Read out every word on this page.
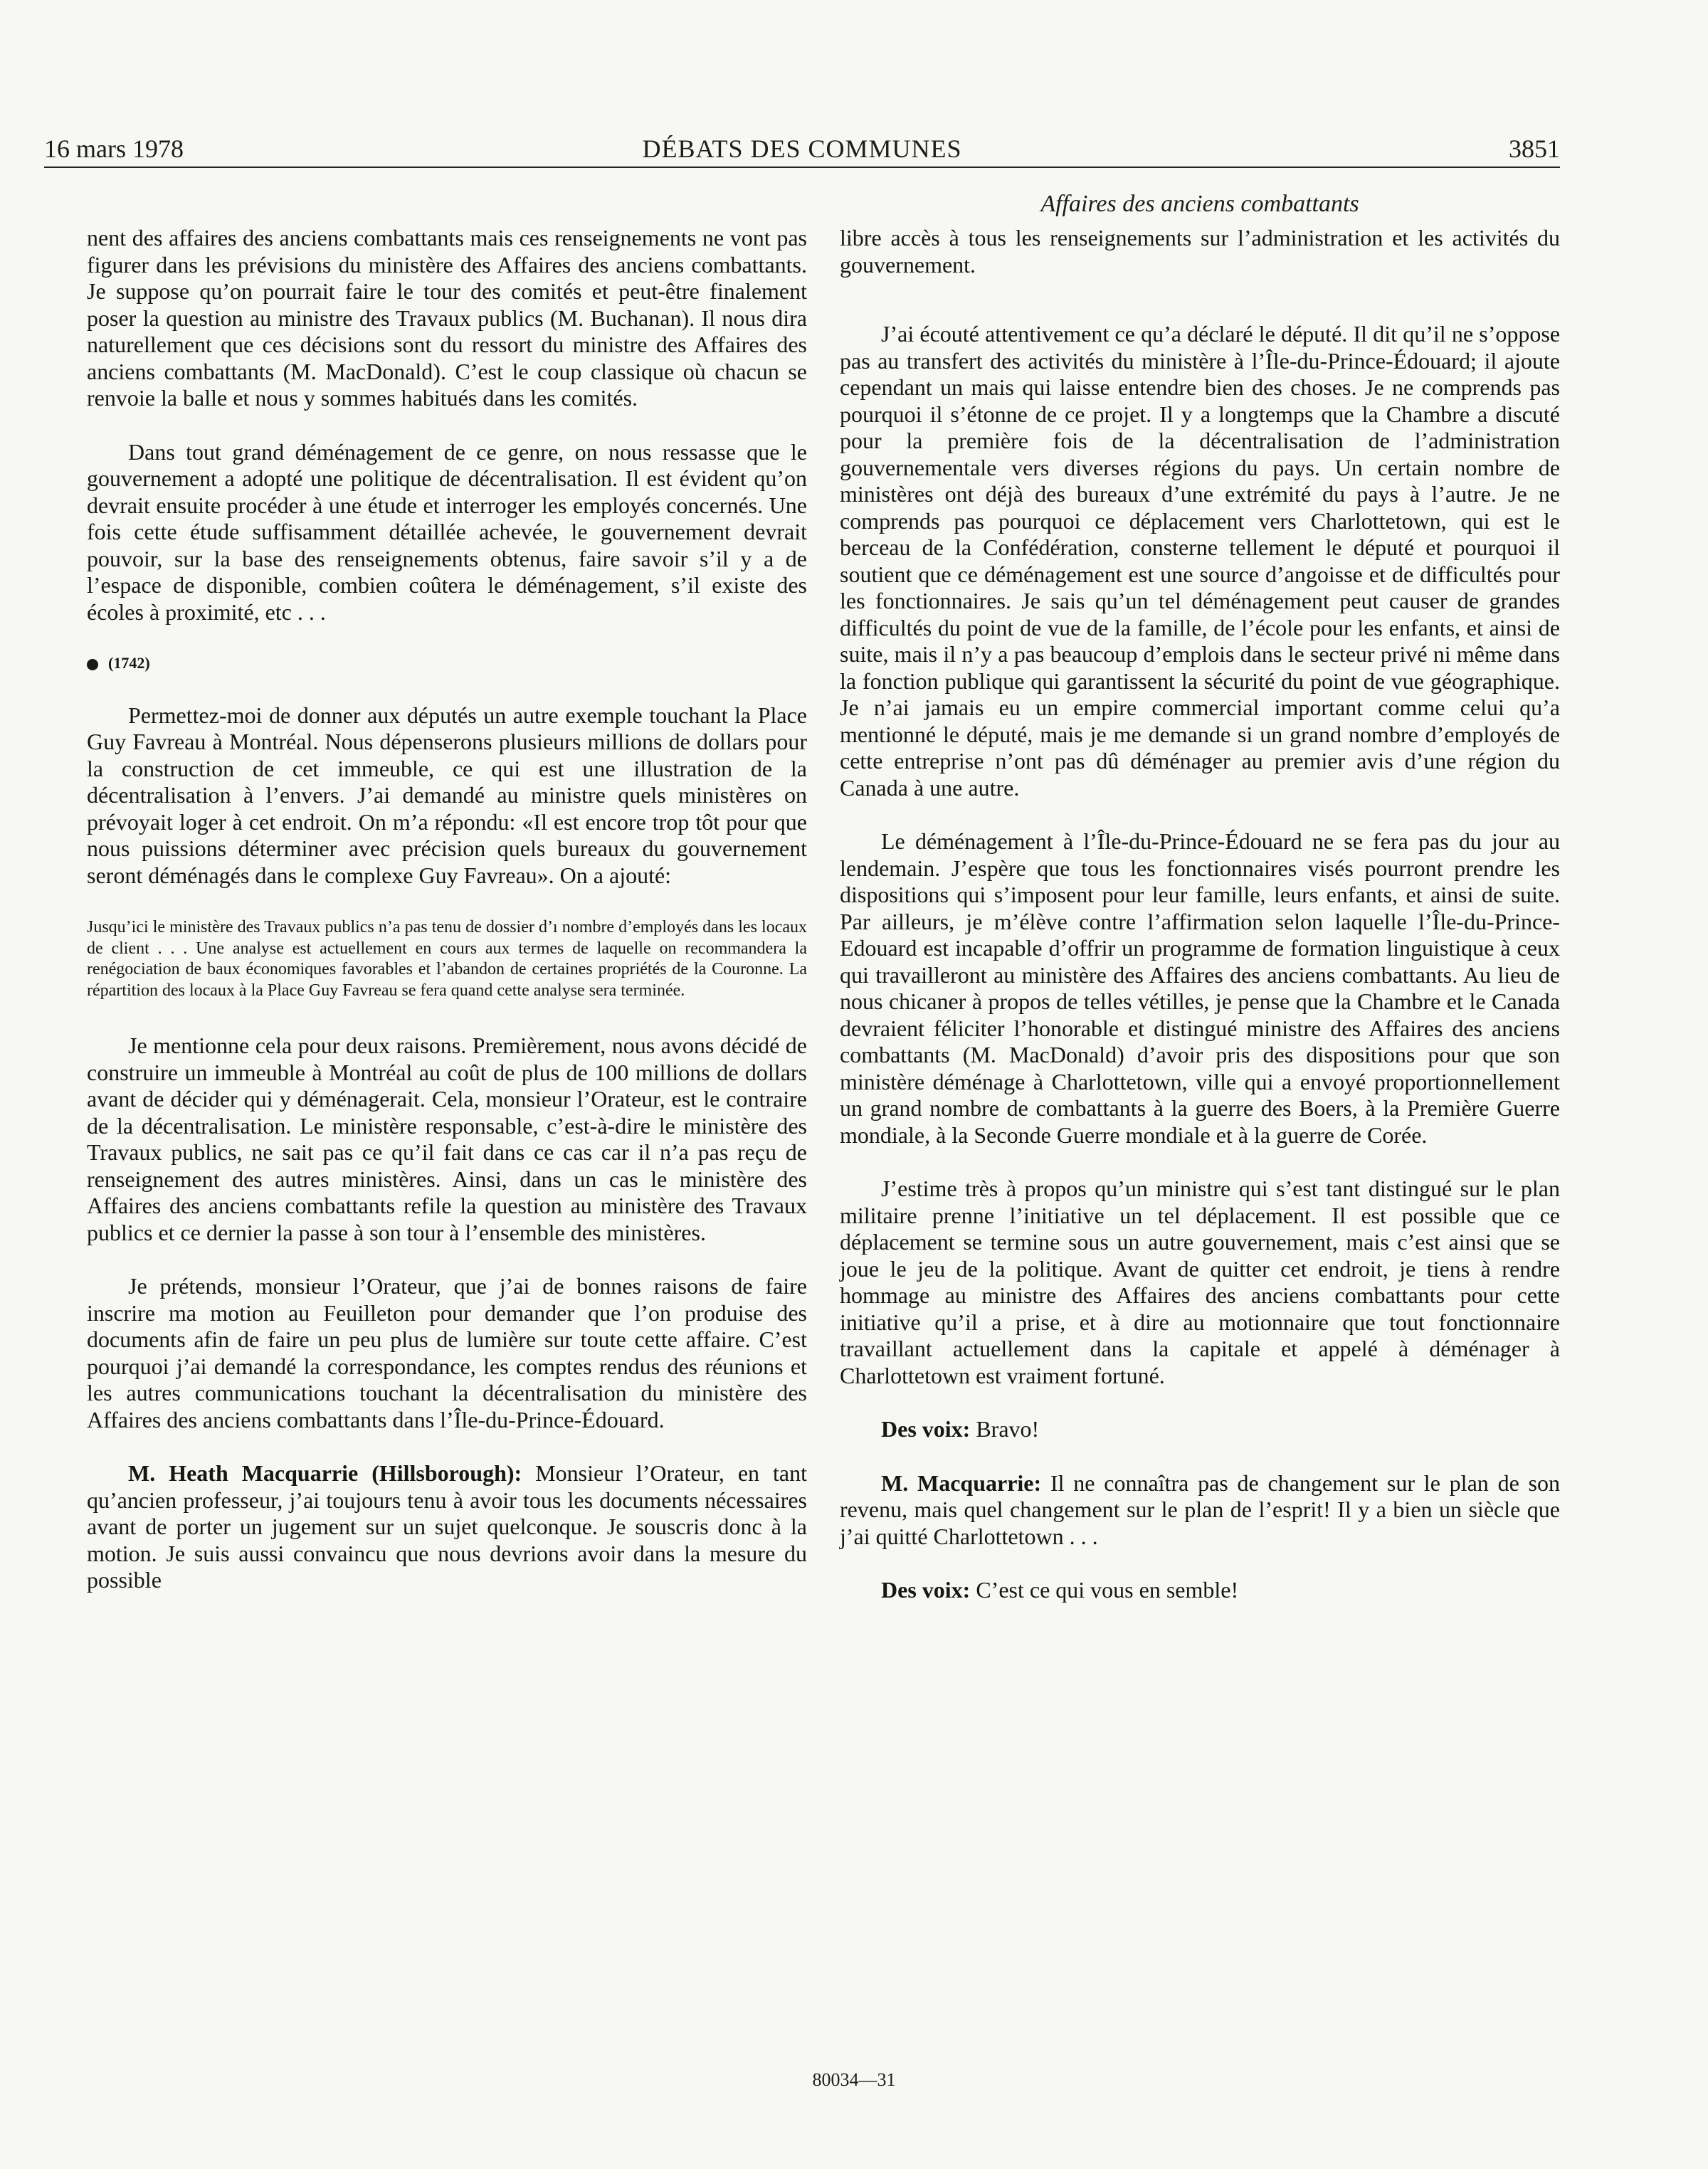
16 mars 1978	DÉBATS DES COMMUNES	3851
Affaires des anciens combattants

nent des affaires des anciens combattants mais ces renseignements ne vont pas figurer dans les prévisions du ministère des Affaires des anciens combattants. Je suppose qu’on pourrait faire le tour des comités et peut-être finalement poser la question au ministre des Travaux publics (M. Buchanan). Il nous dira naturellement que ces décisions sont du ressort du ministre des Affaires des anciens combattants (M. MacDonald). C’est le coup classique où chacun se renvoie la balle et nous y sommes habitués dans les comités.

Dans tout grand déménagement de ce genre, on nous ressasse que le gouvernement a adopté une politique de décentralisation. Il est évident qu’on devrait ensuite procéder à une étude et interroger les employés concernés. Une fois cette étude suffisamment détaillée achevée, le gouvernement devrait pouvoir, sur la base des renseignements obtenus, faire savoir s’il y a de l’espace de disponible, combien coûtera le déménagement, s’il existe des écoles à proximité, etc . . .

(1742)

Permettez-moi de donner aux députés un autre exemple touchant la Place Guy Favreau à Montréal. Nous dépenserons plusieurs millions de dollars pour la construction de cet immeuble, ce qui est une illustration de la décentralisation à l’envers. J’ai demandé au ministre quels ministères on prévoyait loger à cet endroit. On m’a répondu: «Il est encore trop tôt pour que nous puissions déterminer avec précision quels bureaux du gouvernement seront déménagés dans le complexe Guy Favreau». On a ajouté:

Jusqu’ici le ministère des Travaux publics n’a pas tenu de dossier d’ı nombre d’employés dans les locaux de client . . . Une analyse est actuellement en cours aux termes de laquelle on recommandera la renégociation de baux économiques favorables et l’abandon de certaines propriétés de la Couronne. La répartition des locaux à la Place Guy Favreau se fera quand cette analyse sera terminée.

Je mentionne cela pour deux raisons. Premièrement, nous avons décidé de construire un immeuble à Montréal au coût de plus de 100 millions de dollars avant de décider qui y déménagerait. Cela, monsieur l’Orateur, est le contraire de la décentralisation. Le ministère responsable, c’est-à-dire le ministère des Travaux publics, ne sait pas ce qu’il fait dans ce cas car il n’a pas reçu de renseignement des autres ministères. Ainsi, dans un cas le ministère des Affaires des anciens combattants refile la question au ministère des Travaux publics et ce dernier la passe à son tour à l’ensemble des ministères.

Je prétends, monsieur l’Orateur, que j’ai de bonnes raisons de faire inscrire ma motion au Feuilleton pour demander que l’on produise des documents afin de faire un peu plus de lumière sur toute cette affaire. C’est pourquoi j’ai demandé la correspondance, les comptes rendus des réunions et les autres communications touchant la décentralisation du ministère des Affaires des anciens combattants dans l’Île-du-Prince-Édouard.

M. Heath Macquarrie (Hillsborough): Monsieur l’Orateur, en tant qu’ancien professeur, j’ai toujours tenu à avoir tous les documents nécessaires avant de porter un jugement sur un sujet quelconque. Je souscris donc à la motion. Je suis aussi convaincu que nous devrions avoir dans la mesure du possible

libre accès à tous les renseignements sur l’administration et les activités du gouvernement.

J’ai écouté attentivement ce qu’a déclaré le député. Il dit qu’il ne s’oppose pas au transfert des activités du ministère à l’Île-du-Prince-Édouard; il ajoute cependant un mais qui laisse entendre bien des choses. Je ne comprends pas pourquoi il s’étonne de ce projet. Il y a longtemps que la Chambre a discuté pour la première fois de la décentralisation de l’administration gouvernementale vers diverses régions du pays. Un certain nombre de ministères ont déjà des bureaux d’une extrémité du pays à l’autre. Je ne comprends pas pourquoi ce déplacement vers Charlottetown, qui est le berceau de la Confédération, consterne tellement le député et pourquoi il soutient que ce déménagement est une source d’angoisse et de difficultés pour les fonctionnaires. Je sais qu’un tel déménagement peut causer de grandes difficultés du point de vue de la famille, de l’école pour les enfants, et ainsi de suite, mais il n’y a pas beaucoup d’emplois dans le secteur privé ni même dans la fonction publique qui garantissent la sécurité du point de vue géographique. Je n’ai jamais eu un empire commercial important comme celui qu’a mentionné le député, mais je me demande si un grand nombre d’employés de cette entreprise n’ont pas dû déménager au premier avis d’une région du Canada à une autre.

Le déménagement à l’Île-du-Prince-Édouard ne se fera pas du jour au lendemain. J’espère que tous les fonctionnaires visés pourront prendre les dispositions qui s’imposent pour leur famille, leurs enfants, et ainsi de suite. Par ailleurs, je m’élève contre l’affirmation selon laquelle l’Île-du-Prince-Edouard est incapable d’offrir un programme de formation linguistique à ceux qui travailleront au ministère des Affaires des anciens combattants. Au lieu de nous chicaner à propos de telles vétilles, je pense que la Chambre et le Canada devraient féliciter l’honorable et distingué ministre des Affaires des anciens combattants (M. MacDonald) d’avoir pris des dispositions pour que son ministère déménage à Charlottetown, ville qui a envoyé proportionnellement un grand nombre de combattants à la guerre des Boers, à la Première Guerre mondiale, à la Seconde Guerre mondiale et à la guerre de Corée.

J’estime très à propos qu’un ministre qui s’est tant distingué sur le plan militaire prenne l’initiative un tel déplacement. Il est possible que ce déplacement se termine sous un autre gouvernement, mais c’est ainsi que se joue le jeu de la politique. Avant de quitter cet endroit, je tiens à rendre hommage au ministre des Affaires des anciens combattants pour cette initiative qu’il a prise, et à dire au motionnaire que tout fonctionnaire travaillant actuellement dans la capitale et appelé à déménager à Charlottetown est vraiment fortuné.

Des voix: Bravo!

M. Macquarrie: Il ne connaîtra pas de changement sur le plan de son revenu, mais quel changement sur le plan de l’esprit! Il y a bien un siècle que j’ai quitté Charlottetown . . .

Des voix: C’est ce qui vous en semble!

80034—31
